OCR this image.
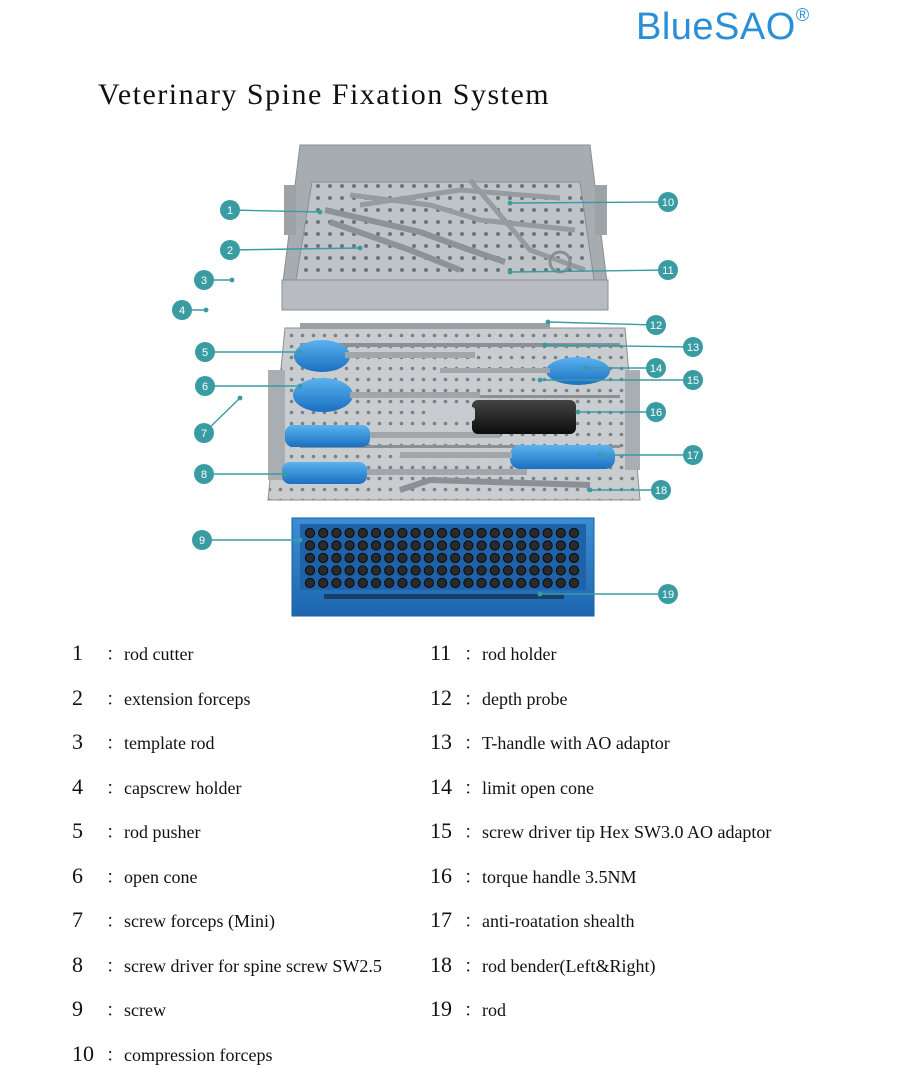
BlueSAO®
Veterinary Spine Fixation System
1
2
3
4
5
6
7
8
9
10
11
12
13
14
15
16
17
18
19
1 ：rod cutter
2 ：extension forceps
3 ：template rod
4 ：capscrew holder
5 ：rod pusher
6 ：open cone
7 ：screw forceps (Mini)
8 ：screw driver for spine screw SW2.5
9 ：screw
10 ：compression forceps
11 ：rod holder
12 ：depth probe
13 ：T-handle with AO adaptor
14 ：limit open cone
15 ：screw driver tip Hex SW3.0 AO adaptor
16 ：torque handle 3.5NM
17 ：anti-roatation shealth
18 ：rod bender(Left&Right)
19 ：rod
